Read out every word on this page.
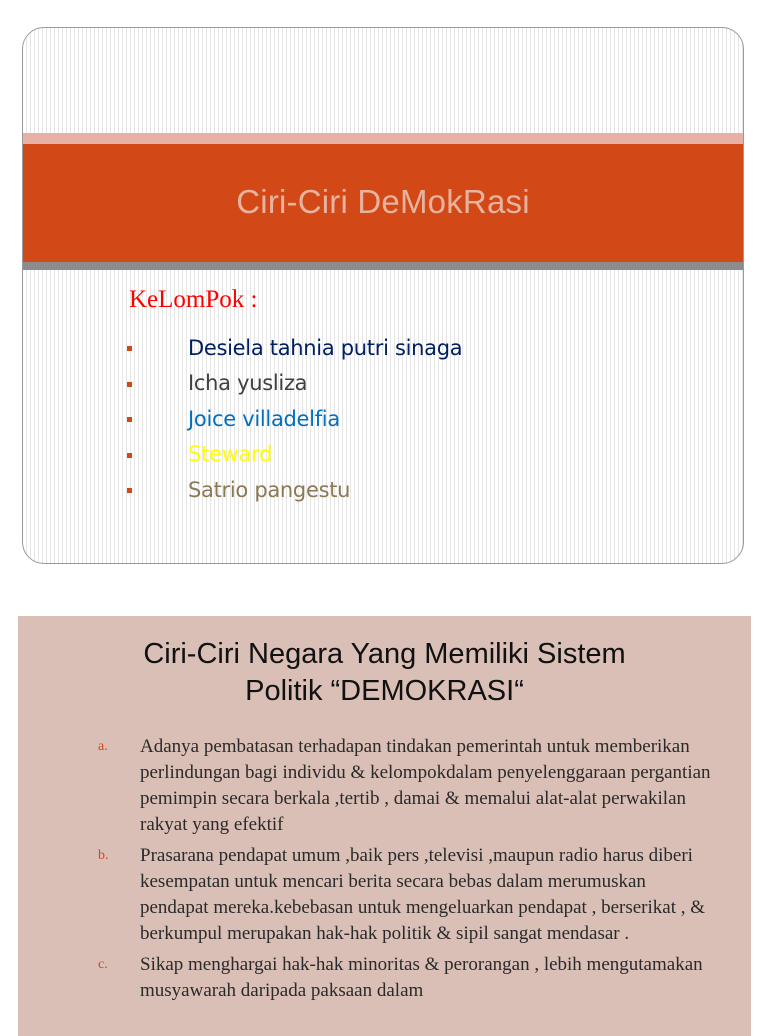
Ciri-Ciri DeMokRasi
KeLomPok :
Desiela tahnia putri sinaga
Icha yusliza
Joice villadelfia
Steward
Satrio pangestu
Ciri-Ciri Negara Yang Memiliki Sistem
Politik “DEMOKRASI“
a. Adanya pembatasan terhadapan tindakan pemerintah untuk memberikan perlindungan bagi individu & kelompokdalam penyelenggaraan pergantian pemimpin secara berkala ,tertib , damai & memalui alat-alat perwakilan rakyat yang efektif
b. Prasarana pendapat umum ,baik pers ,televisi ,maupun radio harus diberi kesempatan untuk mencari berita secara bebas dalam merumuskan pendapat mereka.kebebasan untuk mengeluarkan pendapat , berserikat , & berkumpul merupakan hak-hak politik & sipil sangat mendasar .
c. Sikap menghargai hak-hak minoritas & perorangan , lebih mengutamakan musyawarah daripada paksaan dalam
